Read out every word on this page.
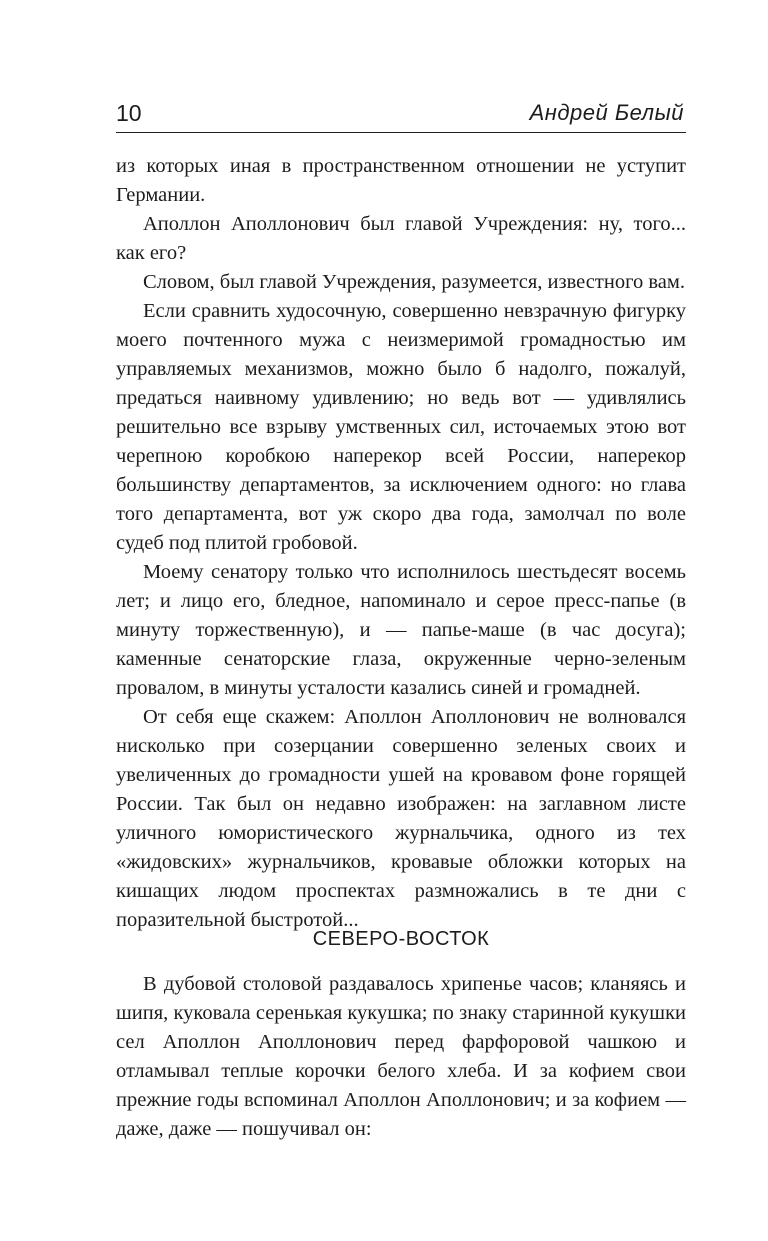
10	Андрей Белый

из которых иная в пространственном отношении не уступит Германии.

Аполлон Аполлонович был главой Учреждения: ну, того... как его?

Словом, был главой Учреждения, разумеется, известного вам.

Если сравнить худосочную, совершенно невзрачную фигурку моего почтенного мужа с неизмеримой громадностью им управляемых механизмов, можно было б надолго, пожалуй, предаться наивному удивлению; но ведь вот — удивлялись решительно все взрыву умственных сил, источаемых этою вот черепною коробкою наперекор всей России, наперекор большинству департаментов, за исключением одного: но глава того департамента, вот уж скоро два года, замолчал по воле судеб под плитой гробовой.

Моему сенатору только что исполнилось шестьдесят восемь лет; и лицо его, бледное, напоминало и серое пресс-папье (в минуту торжественную), и — папье-маше (в час досуга); каменные сенаторские глаза, окруженные черно-зеленым провалом, в минуты усталости казались синей и громадней.

От себя еще скажем: Аполлон Аполлонович не волновался нисколько при созерцании совершенно зеленых своих и увеличенных до громадности ушей на кровавом фоне горящей России. Так был он недавно изображен: на заглавном листе уличного юмористического журнальчика, одного из тех «жидовских» журнальчиков, кровавые обложки которых на кишащих людом проспектах размножались в те дни с поразительной быстротой...

СЕВЕРО-ВОСТОК

В дубовой столовой раздавалось хрипенье часов; кланяясь и шипя, куковала серенькая кукушка; по знаку старинной кукушки сел Аполлон Аполлонович перед фарфоровой чашкою и отламывал теплые корочки белого хлеба. И за кофием свои прежние годы вспоминал Аполлон Аполлонович; и за кофием — даже, даже — пошучивал он:
